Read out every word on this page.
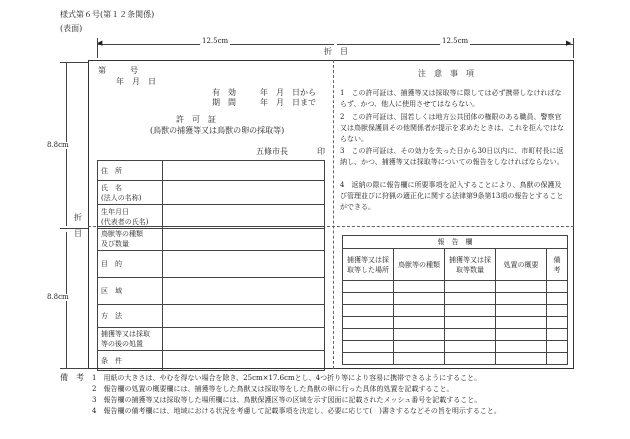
様式第６号(第１２条関係)
(表面)
◀	▶
12.5cm	12.5cm
折 目
8.8cm
8.8cm
折
目
第　　　号
年　月　日
有　効
期　間
年　月　日から
年　月　日まで
許　可　証
(鳥獣の捕獲等又は鳥獣の卵の採取等)
五條市長	印
住　所	

氏　名
(法人の名称)	

生年月日
(代表者の氏名)	

鳥獣等の種類
及び数量	

目　的	
区　域	
方　法	

捕獲等又は採取
等の後の処置	

条　件	
注　意　事　項
1　この許可証は、捕獲等又は採取等に際しては必ず携帯しなければならず、かつ、他人に使用させてはならない。
2　この許可証は、国若しくは地方公共団体の権限のある職員、警察官又は鳥獣保護員その他関係者が提示を求めたときは、これを拒んではならない。
3　この許可証は、その効力を失った日から30日以内に、市町村長に返納し、かつ、捕獲等又は採取等についての報告をしなければならない。
4　返納の際に報告欄に所要事項を記入することにより、鳥獣の保護及び管理並びに狩猟の適正化に関する法律第9条第13項の報告とすることができる。
報　告　欄				
捕獲等又は採取等した場所	鳥獣等の種類	捕獲等又は採取等数量	処置の概要	備　考

備　考 1　用紙の大きさは、やむを得ない場合を除き、25cm×17.6cmとし、4つ折り等により容易に携帯できるようにすること。
2　報告欄の処置の概要欄には、捕獲等をした鳥獣又は採取等をした鳥獣の卵に行った具体的処置を記載すること。
3　報告欄の捕獲等又は採取等した場所欄には、鳥獣保護区等の区域を示す図面に記載されたメッシュ番号を記載すること。
4　報告欄の備考欄には、地域における状況を考慮して記載事項を決定し、必要に応じて(　)書きするなどその旨を明示すること。
